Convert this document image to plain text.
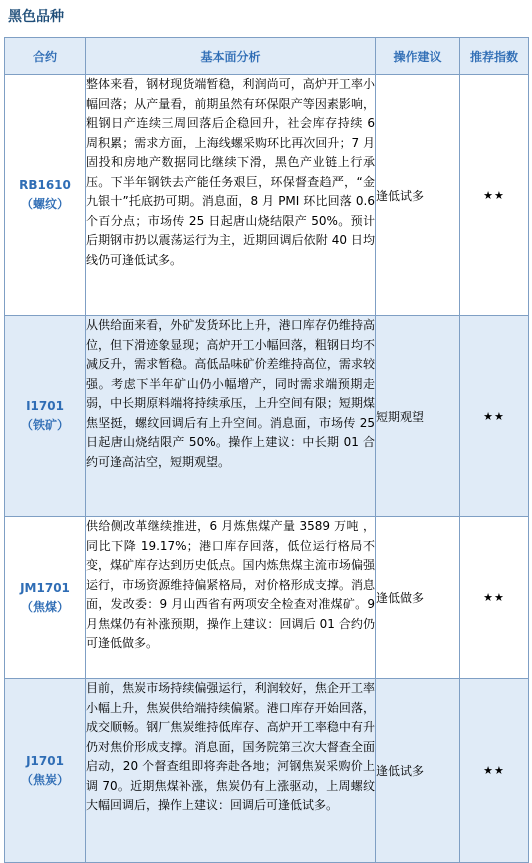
黑色品种
合约	基本面分析	操作建议	推荐指数

RB1610
（螺纹）	整体来看，钢材现货端暂稳，利润尚可，高炉开工率小幅回落；从产量看，前期虽然有环保限产等因素影响，粗钢日产连续三周回落后企稳回升，社会库存持续 6 周积累；需求方面，上海线螺采购环比再次回升；7 月固投和房地产数据同比继续下滑，黑色产业链上行承压。下半年钢铁去产能任务艰巨，环保督查趋严，“金九银十”托底扔可期。消息面，8 月 PMI 环比回落 0.6 个百分点；市场传 25 日起唐山烧结限产 50%。预计后期钢市扔以震荡运行为主，近期回调后依附 40 日均线仍可逢低试多。	逢低试多	★★

I1701
（铁矿）	从供给面来看，外矿发货环比上升，港口库存仍维持高位，但下滑迹象显现；高炉开工小幅回落，粗钢日均不减反升，需求暂稳。高低品味矿价差维持高位，需求较强。考虑下半年矿山仍小幅增产，同时需求端预期走弱，中长期原料端将持续承压，上升空间有限；短期煤焦坚挺，螺纹回调后有上升空间。消息面，市场传 25 日起唐山烧结限产 50%。操作上建议：中长期 01 合约可逢高沽空，短期观望。	短期观望	★★

JM1701
（焦煤）	供给侧改革继续推进，6 月炼焦煤产量 3589 万吨 ，同比下降 19.17%；港口库存回落，低位运行格局不变，煤矿库存达到历史低点。国内炼焦煤主流市场偏强运行，市场资源维持偏紧格局，对价格形成支撑。消息面，发改委：9 月山西省有两项安全检查对准煤矿。9 月焦煤仍有补涨预期，操作上建议：回调后 01 合约仍可逢低做多。	逢低做多	★★

J1701
（焦炭）	目前，焦炭市场持续偏强运行，利润较好，焦企开工率小幅上升，焦炭供给端持续偏紧。港口库存开始回落，成交顺畅。钢厂焦炭维持低库存、高炉开工率稳中有升仍对焦价形成支撑。消息面，国务院第三次大督查全面启动，20 个督查组即将奔赴各地；河钢焦炭采购价上调 70。近期焦煤补涨，焦炭仍有上涨驱动，上周螺纹大幅回调后，操作上建议：回调后可逢低试多。	逢低试多	★★
